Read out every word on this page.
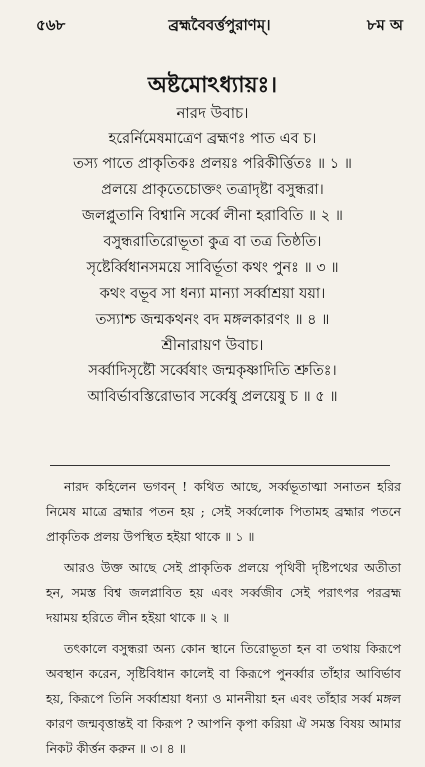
৫৬৮	ব্রহ্মবৈবর্ত্তপুরাণম্।	৮ম অ
অষ্টমোঽধ্যায়ঃ।
নারদ উবাচ।
হরের্নিমেষমাত্রেণ ব্রহ্মণঃ পাত এব চ।
তস্য পাতে প্রাকৃতিকঃ প্রলয়ঃ পরিকীর্ত্তিতঃ ॥ ১ ॥
প্রলয়ে প্রাকৃতেচোক্তং তত্রাদৃষ্টা বসুন্ধরা।
জলপ্লুতানি বিশ্বানি সর্ব্বে লীনা হরাবিতি ॥ ২ ॥
বসুন্ধরাতিরোভূতা কুত্র বা তত্র তিষ্ঠতি।
সৃষ্টের্ব্বিধানসময়ে সাবির্ভূতা কথং পুনঃ ॥ ৩ ॥
কথং বভূব সা ধন্যা মান্যা সর্ব্বাশ্রয়া যয়া।
তস্যাশ্চ জন্মকথনং বদ মঙ্গলকারণং ॥ ৪ ॥
শ্রীনারায়ণ উবাচ।
সর্ব্বাদিসৃষ্টৌ সর্ব্বেষাং জন্মকৃষ্ণাদিতি শ্রুতিঃ।
আবির্ভাবস্তিরোভাব সর্ব্বেষু প্রলয়েষু চ ॥ ৫ ॥

নারদ কহিলেন ভগবন্‌ ! কথিত আছে, সর্ব্বভূতাত্মা সনাতন হরির নিমেষ মাত্রে ব্রহ্মার পতন হয় ; সেই সর্ব্বলোক পিতামহ ব্রহ্মার পতনে প্রাকৃতিক প্রলয় উপস্থিত হইয়া থাকে ॥ ১ ॥

আরও উক্ত আছে সেই প্রাকৃতিক প্রলয়ে পৃথিবী দৃষ্টিপথের অতীতা হন, সমস্ত বিশ্ব জলপ্লাবিত হয় এবং সর্ব্বজীব সেই পরাৎপর পরব্রহ্ম দয়াময় হরিতে লীন হইয়া থাকে ॥ ২ ॥

তৎকালে বসুন্ধরা অন্য কোন স্থানে তিরোভূতা হন বা তথায় কিরূপে অবস্থান করেন, সৃষ্টিবিধান কালেই বা কিরূপে পুনর্ব্বার তাঁহার আবির্ভাব হয়, কিরূপে তিনি সর্ব্বাশ্রয়া ধন্যা ও মাননীয়া হন এবং তাঁহার সর্ব্ব মঙ্গল কারণ জন্মবৃত্তান্তই বা কিরূপ ? আপনি কৃপা করিয়া ঐ সমস্ত বিষয় আমার নিকট কীর্ত্তন করুন ॥ ৩। ৪ ॥
